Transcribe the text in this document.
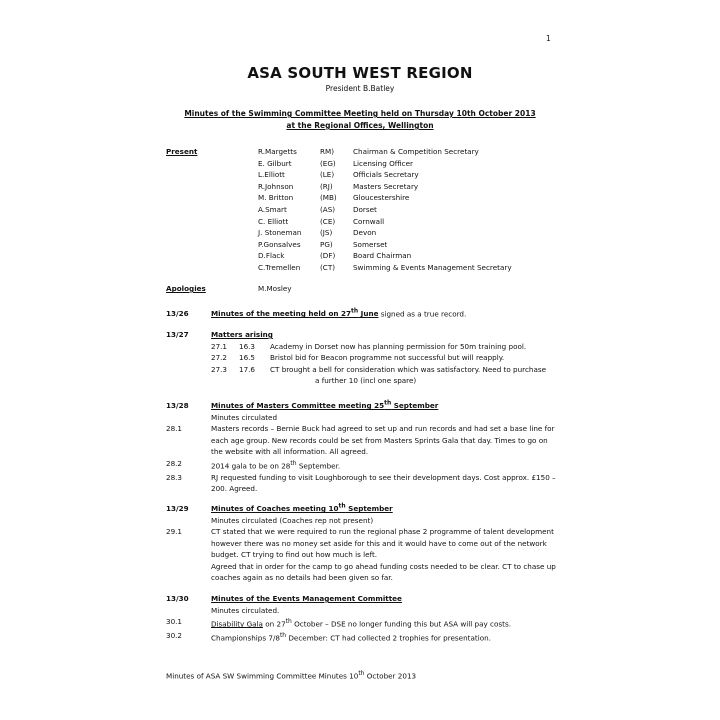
1
ASA SOUTH WEST REGION
President B.Batley
Minutes of the Swimming Committee Meeting held on Thursday 10th October 2013
at the Regional Offices, Wellington
Present	R.Margetts	RM)	Chairman & Competition Secretary
E. Gilburt	(EG) Licensing Officer
L.Elliott	(LE)	Officials Secretary
R.Johnson	(RJ)	Masters Secretary
M. Britton	(MB) Gloucestershire
A.Smart	(AS) Dorset
C. Elliott	(CE) Cornwall
J. Stoneman	(JS)	Devon
P.Gonsalves	PG)	Somerset
D.Flack	(DF) Board Chairman
C.Tremellen	(CT) Swimming & Events Management Secretary
Apologies	M.Mosley
13/26	Minutes of the meeting held on 27th June signed as a true record.
13/27	Matters arising
27.1	16.3	Academy in Dorset now has planning permission for 50m training pool.
27.2	16.5	Bristol bid for Beacon programme not successful but will reapply.
27.3	17.6	CT brought a bell for consideration which was satisfactory. Need to purchase
a further 10 (incl one spare)
13/28	Minutes of Masters Committee meeting 25th September
Minutes circulated
28.1	Masters records – Bernie Buck had agreed to set up and run records and had set a base line for each age group. New records could be set from Masters Sprints Gala that day. Times to go on the website with all information. All agreed.
28.2	2014 gala to be on 28th September.
28.3	RJ requested funding to visit Loughborough to see their development days. Cost approx. £150 – 200. Agreed.
13/29	Minutes of Coaches meeting 10th September
Minutes circulated (Coaches rep not present)
29.1	CT stated that we were required to run the regional phase 2 programme of talent development however there was no money set aside for this and it would have to come out of the network budget. CT trying to find out how much is left.
Agreed that in order for the camp to go ahead funding costs needed to be clear. CT to chase up coaches again as no details had been given so far.
13/30	Minutes of the Events Management Committee
Minutes circulated.
30.1	Disability Gala on 27th October – DSE no longer funding this but ASA will pay costs.
30.2	Championships 7/8th December: CT had collected 2 trophies for presentation.
Minutes of ASA SW Swimming Committee Minutes 10th October 2013
